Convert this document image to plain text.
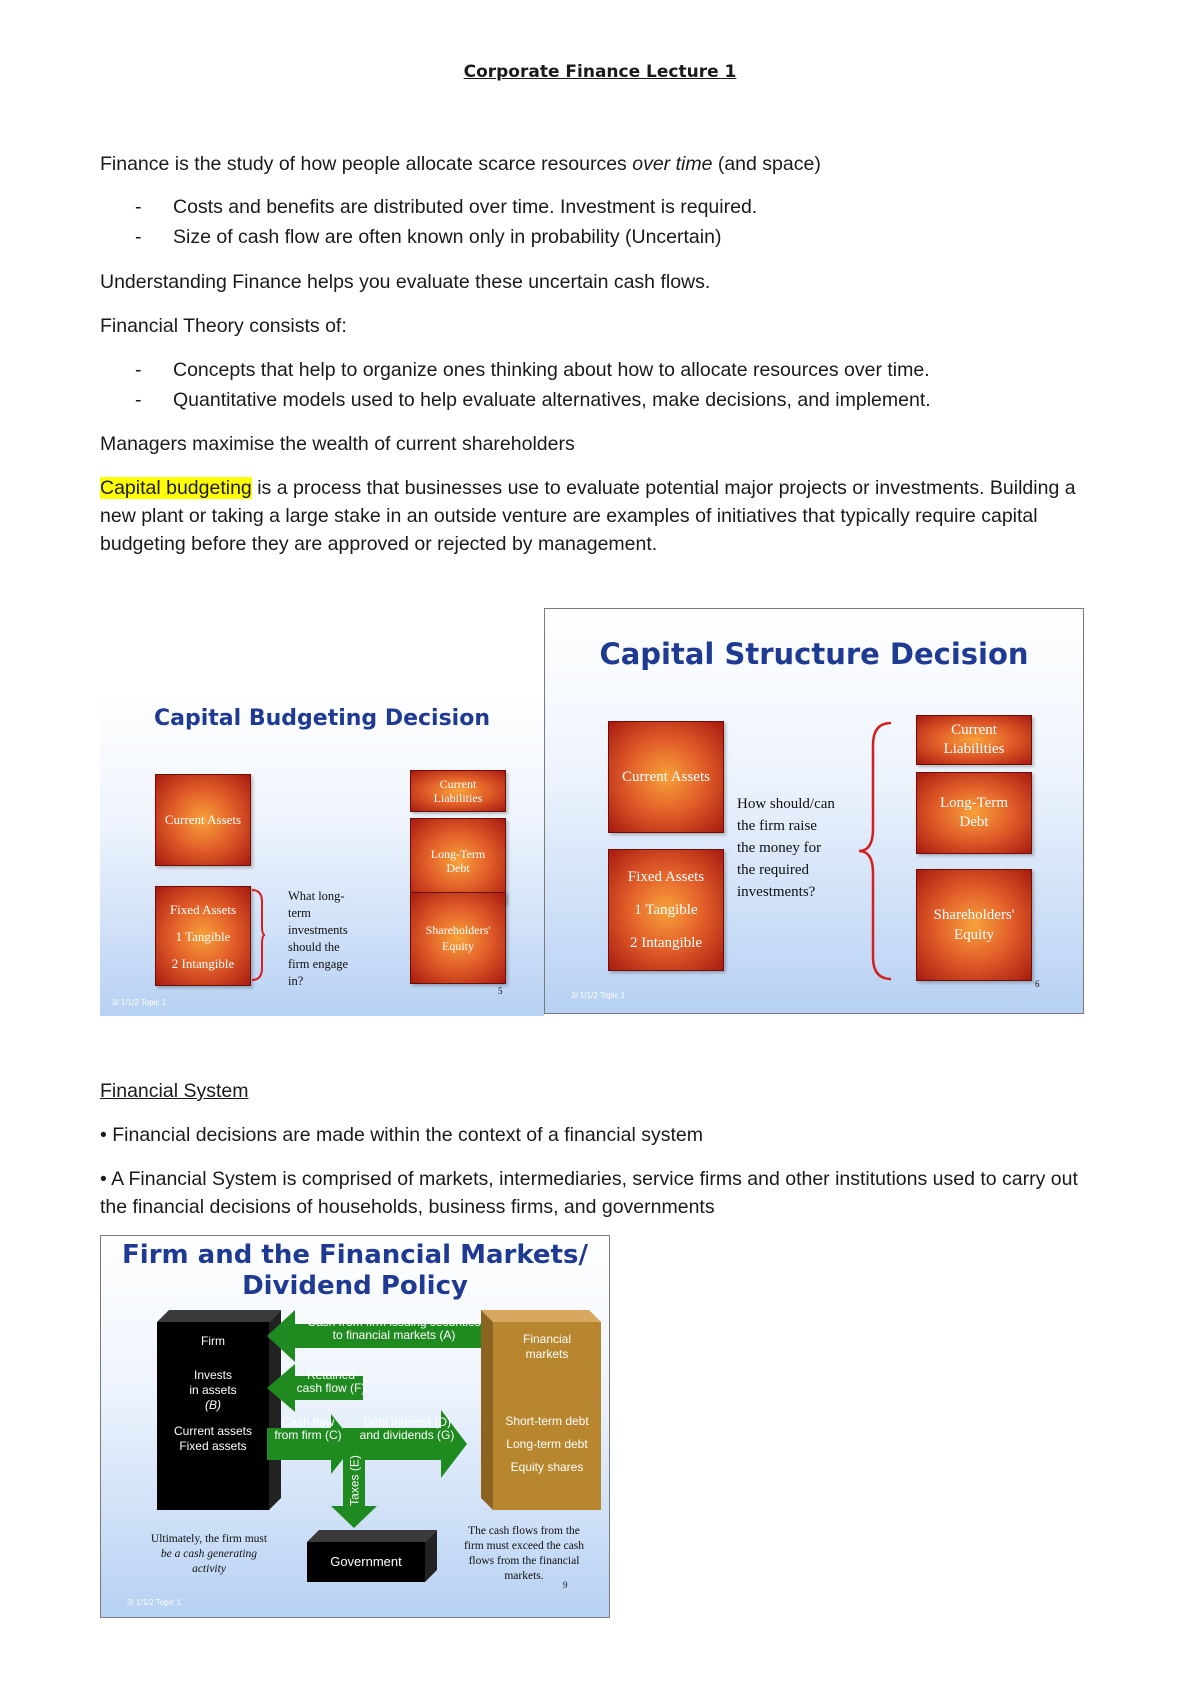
Corporate Finance Lecture 1

Finance is the study of how people allocate scarce resources over time (and space)

- Costs and benefits are distributed over time. Investment is required.
- Size of cash flow are often known only in probability (Uncertain)

Understanding Finance helps you evaluate these uncertain cash flows.

Financial Theory consists of:

- Concepts that help to organize ones thinking about how to allocate resources over time.
- Quantitative models used to help evaluate alternatives, make decisions, and implement.

Managers maximise the wealth of current shareholders

Capital budgeting is a process that businesses use to evaluate potential major projects or investments. Building a new plant or taking a large stake in an outside venture are examples of initiatives that typically require capital budgeting before they are approved or rejected by management.

Capital Budgeting Decision
Current Assets
Fixed Assets
1 Tangible
2 Intangible
What long-
term
investments
should the
firm engage
in?
Current
Liabilities
Long-Term
Debt
Shareholders'
Equity
3/ 1/1/2 Topic 1
5
Capital Structure Decision
Current Assets
Fixed Assets
1 Tangible
2 Intangible
How should/can
the firm raise
the money for
the required
investments?
Current
Liabilities
Long-Term
Debt
Shareholders'
Equity
3/ 1/1/2 Topic 1
6
Financial System

• Financial decisions are made within the context of a financial system

• A Financial System is comprised of markets, intermediaries, service firms and other institutions used to carry out the financial decisions of households, business firms, and governments

Firm and the Financial Markets/
Dividend Policy
Firm
Invests
in assets
(B)
Current assets
Fixed assets
Financial
markets
Short-term debt
Long-term debt
Equity shares
Cash from firm issuing securities
to financial markets (A)
Retained
cash flow (F)
Cash flow
from firm (C)
Debt interest (D)
and dividends (G)
Taxes (E)
Government
Ultimately, the firm must
be a cash generating
activity
The cash flows from the
firm must exceed the cash
flows from the financial
markets.
3/ 1/1/2 Topic 1
9
